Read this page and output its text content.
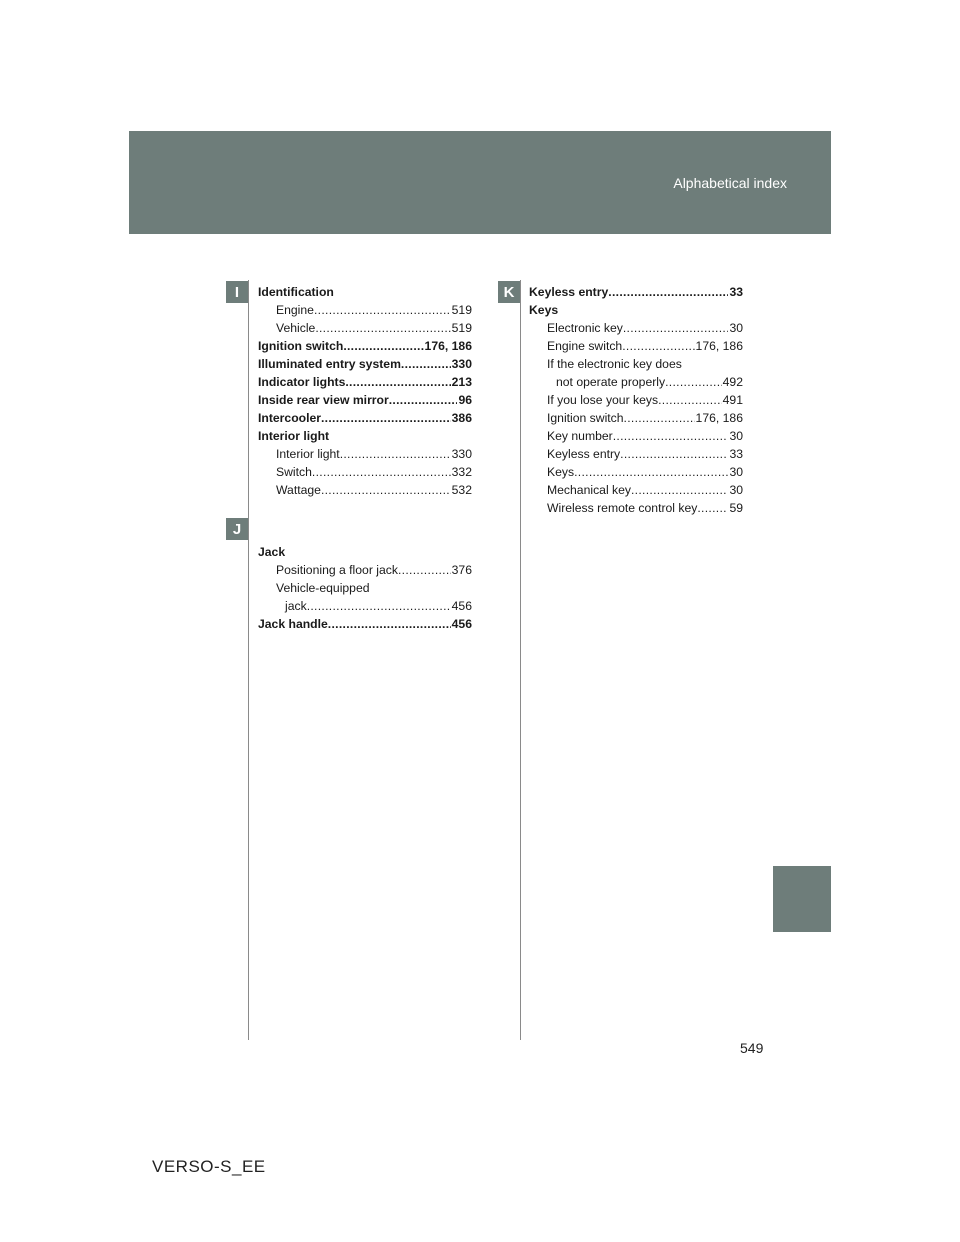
Alphabetical index
I
J
K
Identification
Engine .....	519
Vehicle .....	519
Ignition switch .....	176, 186
Illuminated entry system .....	330
Indicator lights .....	213
Inside rear view mirror .....	96
Intercooler .....	386
Interior light
Interior light .....	330
Switch .....	332
Wattage .....	532
Jack
Positioning a floor jack .....	376
Vehicle-equipped
jack .....	456
Jack handle .....	456
Keyless entry .....	33
Keys
Electronic key .....	30
Engine switch .....	176, 186
If the electronic key does
not operate properly .....	492
If you lose your keys .....	491
Ignition switch .....	176, 186
Key number .....	30
Keyless entry .....	33
Keys .....	30
Mechanical key .....	30
Wireless remote control key .....	59
549
VERSO-S_EE
